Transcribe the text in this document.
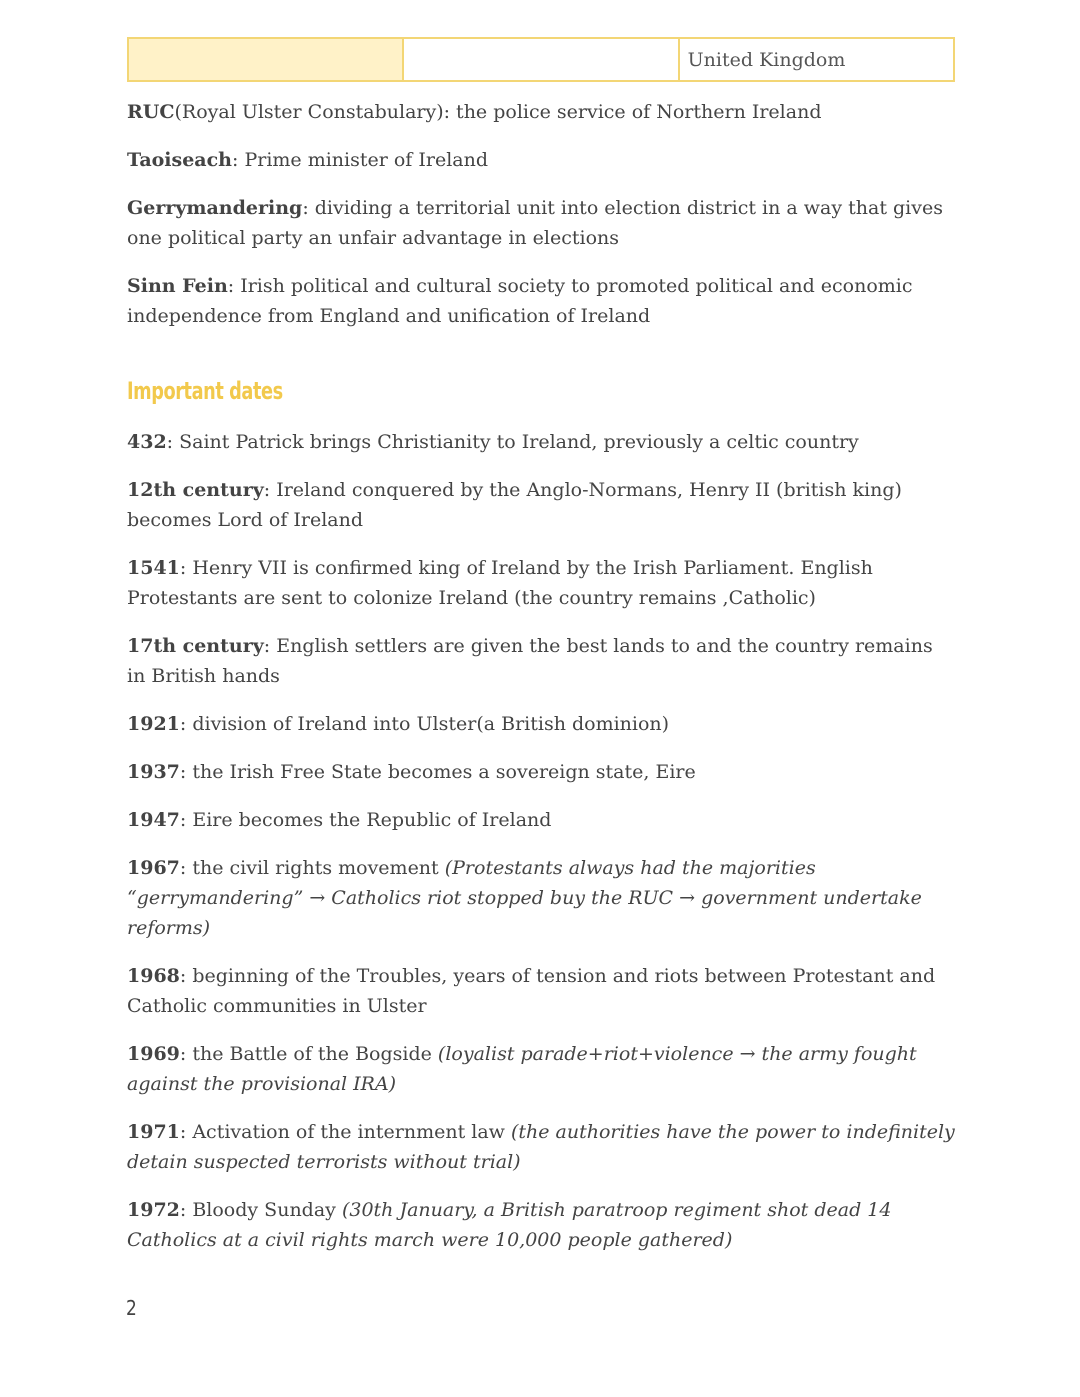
		United Kingdom

RUC(Royal Ulster Constabulary): the police service of Northern Ireland

Taoiseach: Prime minister of Ireland

Gerrymandering: dividing a territorial unit into election district in a way that gives one political party an unfair advantage in elections

Sinn Fein: Irish political and cultural society to promoted political and economic independence from England and unification of Ireland

Important dates

432: Saint Patrick brings Christianity to Ireland, previously a celtic country

12th century: Ireland conquered by the Anglo-Normans, Henry II (british king) becomes Lord of Ireland

1541: Henry VII is confirmed king of Ireland by the Irish Parliament. English Protestants are sent to colonize Ireland (the country remains ,Catholic)

17th century: English settlers are given the best lands to and the country remains in British hands

1921: division of Ireland into Ulster(a British dominion)

1937: the Irish Free State becomes a sovereign state, Eire

1947: Eire becomes the Republic of Ireland

1967: the civil rights movement (Protestants always had the majorities “gerrymandering” → Catholics riot stopped buy the RUC → government undertake reforms)

1968: beginning of the Troubles, years of tension and riots between Protestant and Catholic communities in Ulster

1969: the Battle of the Bogside (loyalist parade+riot+violence → the army fought against the provisional IRA)

1971: Activation of the internment law (the authorities have the power to indefinitely detain suspected terrorists without trial)

1972: Bloody Sunday (30th January, a British paratroop regiment shot dead 14 Catholics at a civil rights march were 10,000 people gathered)

2
